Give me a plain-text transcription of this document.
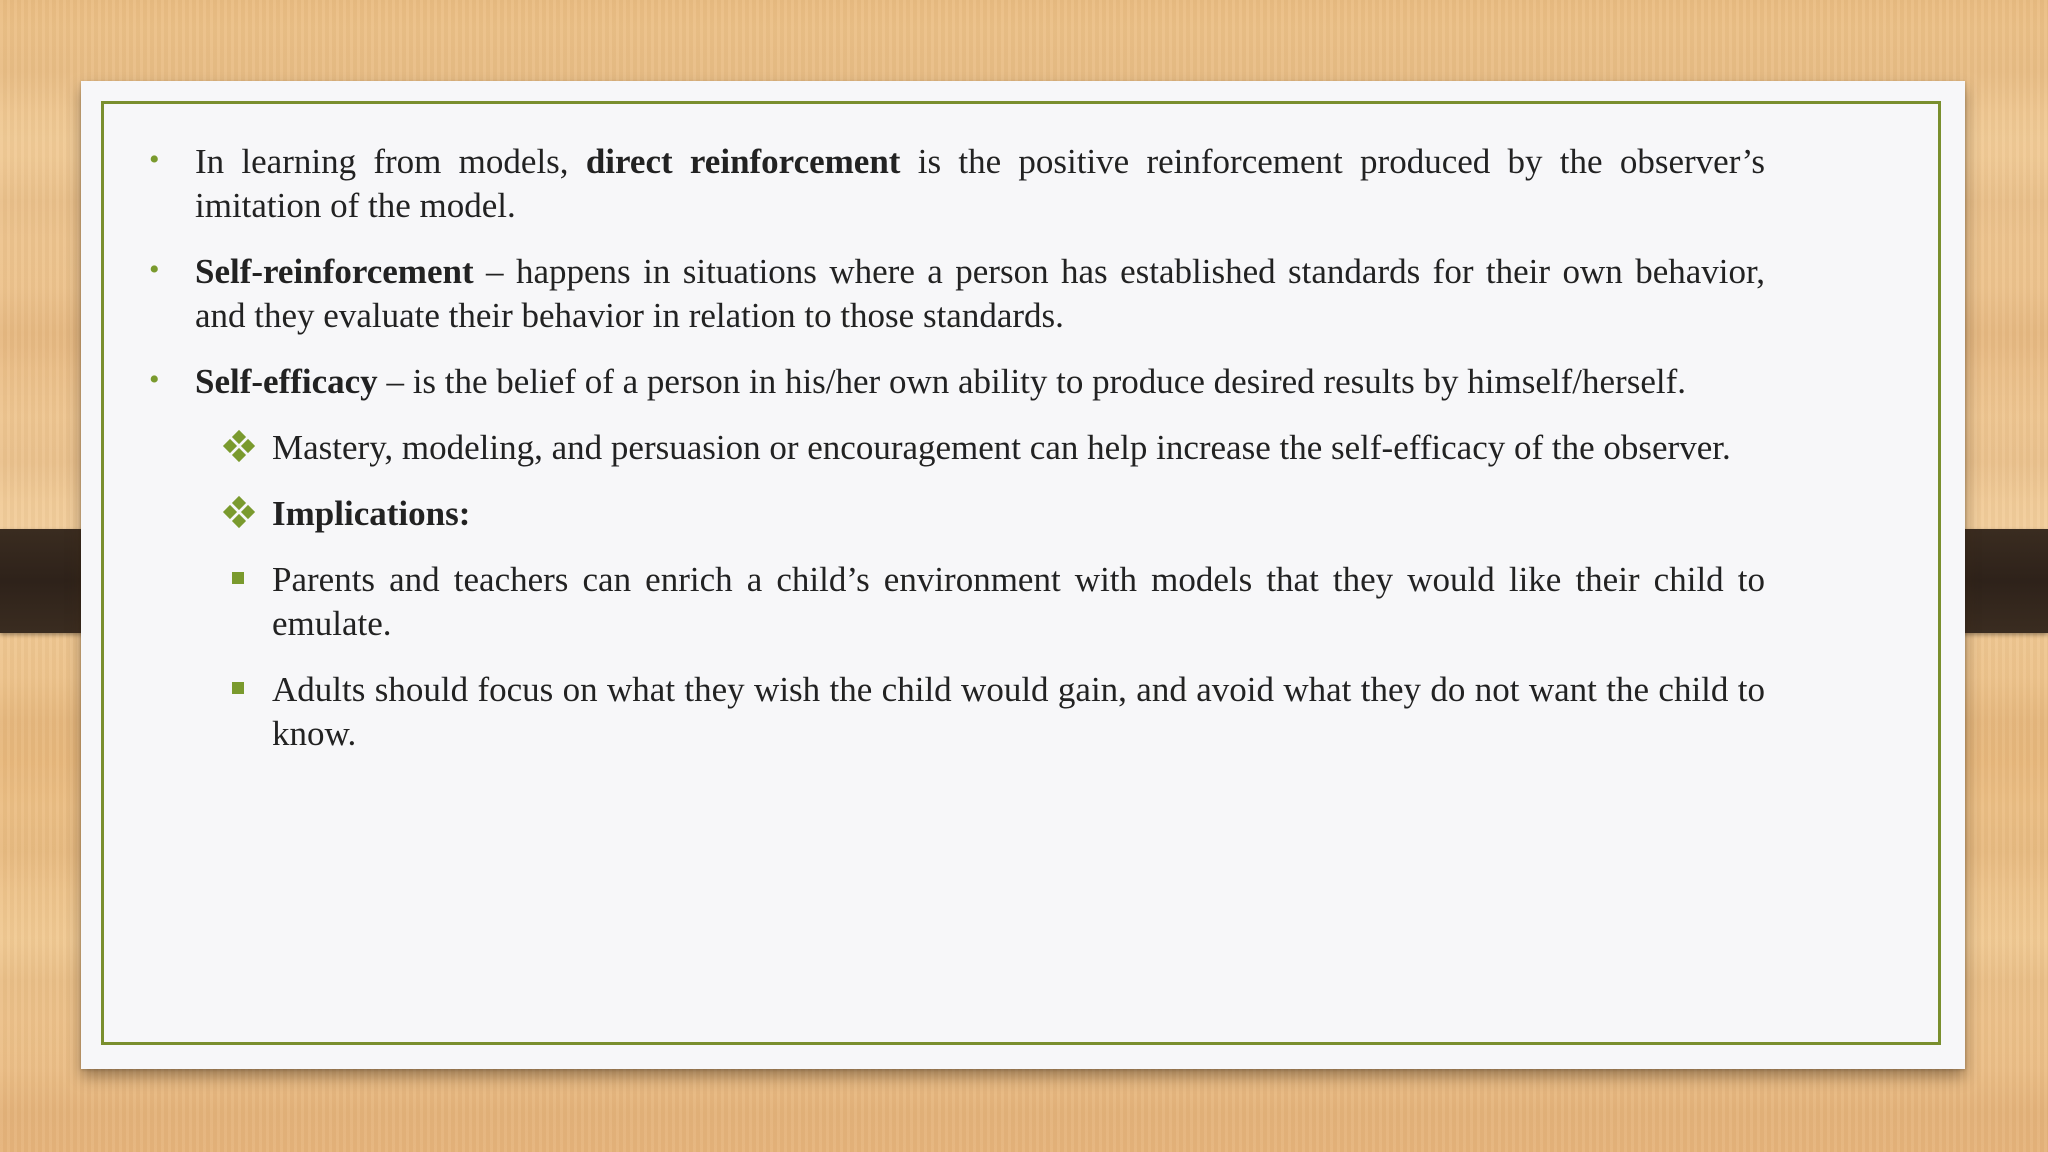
• In learning from models, direct reinforcement is the positive reinforcement produced by the observer’s imitation of the model.
• Self-reinforcement – happens in situations where a person has established standards for their own behavior, and they evaluate their behavior in relation to those standards.
• Self-efficacy – is the belief of a person in his/her own ability to produce desired results by himself/herself.
Mastery, modeling, and persuasion or encouragement can help increase the self-efficacy of the observer.
Implications:
Parents and teachers can enrich a child’s environment with models that they would like their child to emulate.
Adults should focus on what they wish the child would gain, and avoid what they do not want the child to know.
